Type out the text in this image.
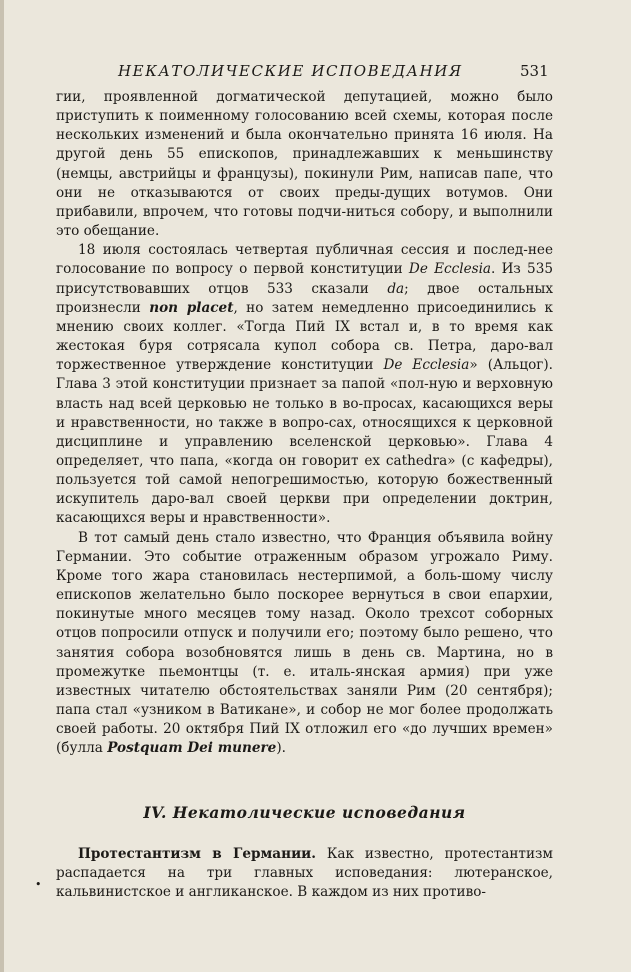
НЕКАТОЛИЧЕСКИЕ ИСПОВЕДАНИЯ	531

гии, проявленной догматической депутацией, можно было приступить к поименному голосованию всей схемы, которая после нескольких изменений и была окончательно принята 16 июля. На другой день 55 епископов, принадлежавших к меньшинству (немцы, австрийцы и французы), покинули Рим, написав папе, что они не отказываются от своих преды-дущих вотумов. Они прибавили, впрочем, что готовы подчи-ниться собору, и выполнили это обещание.

18 июля состоялась четвертая публичная сессия и послед-нее голосование по вопросу о первой конституции De Ecclesia. Из 535 присутствовавших отцов 533 сказали da; двое остальных произнесли non placet, но затем немедленно присоединились к мнению своих коллег. «Тогда Пий IX встал и, в то время как жестокая буря сотрясала купол собора св. Петра, даро-вал торжественное утверждение конституции De Ecclesia» (Альцог). Глава 3 этой конституции признает за папой «пол-ную и верховную власть над всей церковью не только в во-просах, касающихся веры и нравственности, но также в вопро-сах, относящихся к церковной дисциплине и управлению вселенской церковью». Глава 4 определяет, что папа, «когда он говорит ex cathedra» (с кафедры), пользуется той самой непогрешимостью, которую божественный искупитель даро-вал своей церкви при определении доктрин, касающихся веры и нравственности».

В тот самый день стало известно, что Франция объявила войну Германии. Это событие отраженным образом угрожало Риму. Кроме того жара становилась нестерпимой, а боль-шому числу епископов желательно было поскорее вернуться в свои епархии, покинутые много месяцев тому назад. Около трехсот соборных отцов попросили отпуск и получили его; поэтому было решено, что занятия собора возобновятся лишь в день св. Мартина, но в промежутке пьемонтцы (т. е. италь-янская армия) при уже известных читателю обстоятельствах заняли Рим (20 сентября); папа стал «узником в Ватикане», и собор не мог более продолжать своей работы. 20 октября Пий IX отложил его «до лучших времен» (булла Postquam Dei munere).

IV. Некатолические исповедания

Протестантизм в Германии. Как известно, протестантизм распадается на три главных исповедания: лютеранское, кальвинистское и англиканское. В каждом из них противо-

•
